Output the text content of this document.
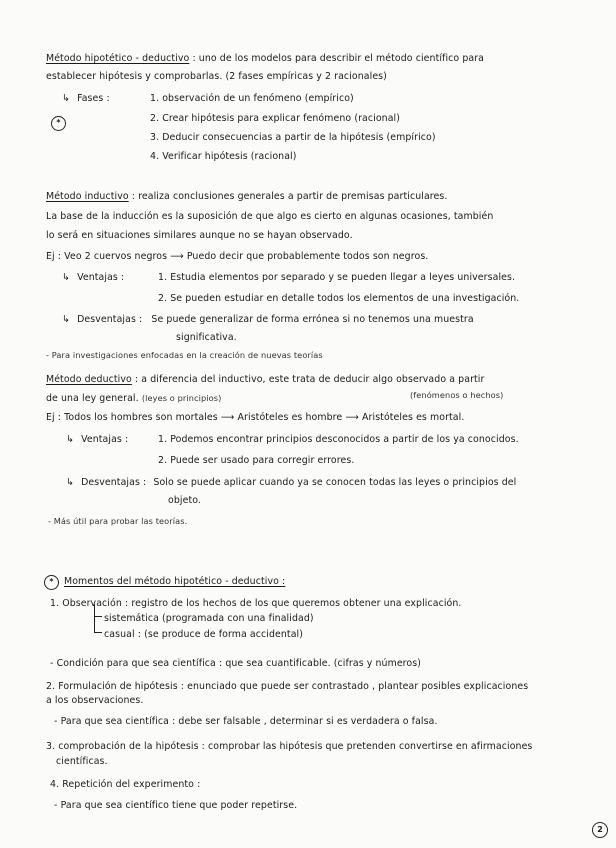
Método hipotético - deductivo : uno de los modelos para describir el método científico para
establecer hipótesis y comprobarlas. (2 fases empíricas y 2 racionales)
↳ Fases :	1. observación de un fenómeno (empírico)
2. Crear hipótesis para explicar fenómeno (racional)
3. Deducir consecuencias a partir de la hipótesis (empírico)
4. Verificar hipótesis (racional)
*
Método inductivo : realiza conclusiones generales a partir de premisas particulares.
La base de la inducción es la suposición de que algo es cierto en algunas ocasiones, también
lo será en situaciones similares aunque no se hayan observado.
Ej : Veo 2 cuervos negros ⟶ Puedo decir que probablemente todos son negros.
↳ Ventajas :	1. Estudia elementos por separado y se pueden llegar a leyes universales.
2. Se pueden estudiar en detalle todos los elementos de una investigación.
↳ Desventajas : Se puede generalizar de forma errónea si no tenemos una muestra
significativa.
- Para investigaciones enfocadas en la creación de nuevas teorías
Método deductivo : a diferencia del inductivo, este trata de deducir algo observado a partir
de una ley general. (leyes o principios)	(fenómenos o hechos)
Ej : Todos los hombres son mortales ⟶ Aristóteles es hombre ⟶ Aristóteles es mortal.
↳ Ventajas :	1. Podemos encontrar principios desconocidos a partir de los ya conocidos.
2. Puede ser usado para corregir errores.
↳ Desventajas : Solo se puede aplicar cuando ya se conocen todas las leyes o principios del
objeto.
- Más útil para probar las teorías.
*	Momentos del método hipotético - deductivo :
1. Observación : registro de los hechos de los que queremos obtener una explicación.
sistemática (programada con una finalidad)
casual : (se produce de forma accidental)
- Condición para que sea científica : que sea cuantificable. (cifras y números)
2. Formulación de hipótesis : enunciado que puede ser contrastado , plantear posibles explicaciones
a los observaciones.
- Para que sea científica : debe ser falsable , determinar si es verdadera o falsa.
3. comprobación de la hipótesis : comprobar las hipótesis que pretenden convertirse en afirmaciones
científicas.
4. Repetición del experimento :
- Para que sea científico tiene que poder repetirse.
2
